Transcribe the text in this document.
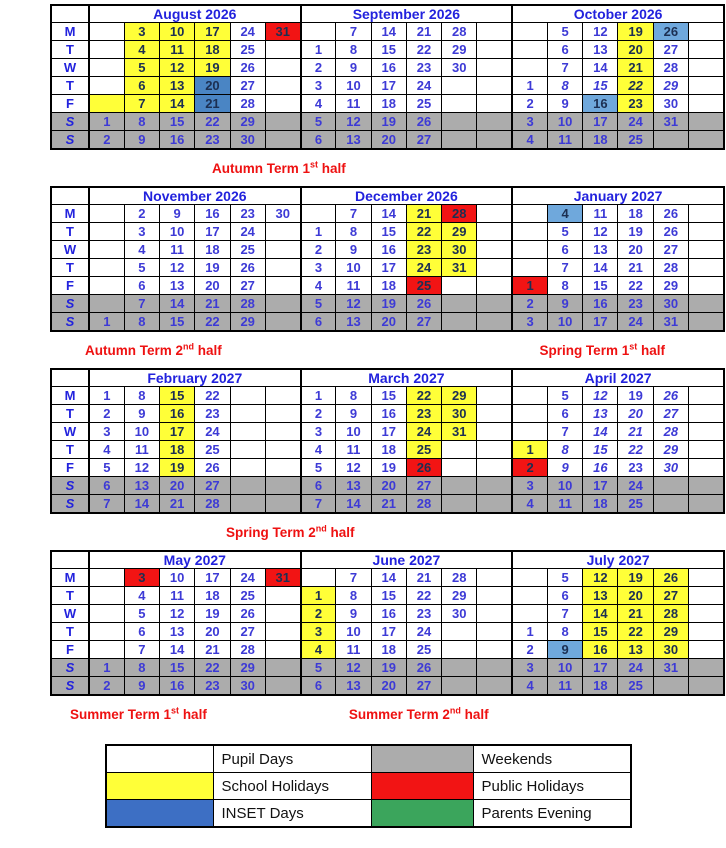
	August 2026						September 2026						October 2026					
M		3	10	17	24	31		7	14	21	28			5	12	19	26	
T		4	11	18	25		1	8	15	22	29			6	13	20	27	
W		5	12	19	26		2	9	16	23	30			7	14	21	28	
T		6	13	20	27		3	10	17	24			1	8	15	22	29	
F		7	14	21	28		4	11	18	25			2	9	16	23	30	
S	1	8	15	22	29		5	12	19	26			3	10	17	24	31	
S	2	9	16	23	30		6	13	20	27			4	11	18	25		
Autumn Term 1st half
	November 2026						December 2026						January 2027					
M		2	9	16	23	30		7	14	21	28			4	11	18	26	
T		3	10	17	24		1	8	15	22	29			5	12	19	26	
W		4	11	18	25		2	9	16	23	30			6	13	20	27	
T		5	12	19	26		3	10	17	24	31			7	14	21	28	
F		6	13	20	27		4	11	18	25			1	8	15	22	29	
S		7	14	21	28		5	12	19	26			2	9	16	23	30	
S	1	8	15	22	29		6	13	20	27			3	10	17	24	31	
Autumn Term 2nd half	Spring Term 1st half
	February 2027						March 2027						April 2027					
M	1	8	15	22			1	8	15	22	29			5	12	19	26	
T	2	9	16	23			2	9	16	23	30			6	13	20	27	
W	3	10	17	24			3	10	17	24	31			7	14	21	28	
T	4	11	18	25			4	11	18	25			1	8	15	22	29	
F	5	12	19	26			5	12	19	26			2	9	16	23	30	
S	6	13	20	27			6	13	20	27			3	10	17	24		
S	7	14	21	28			7	14	21	28			4	11	18	25		
Spring Term 2nd half
	May 2027						June 2027						July 2027					
M		3	10	17	24	31		7	14	21	28			5	12	19	26	
T		4	11	18	25		1	8	15	22	29			6	13	20	27	
W		5	12	19	26		2	9	16	23	30			7	14	21	28	
T		6	13	20	27		3	10	17	24			1	8	15	22	29	
F		7	14	21	28		4	11	18	25			2	9	16	13	30	
S	1	8	15	22	29		5	12	19	26			3	10	17	24	31	
S	2	9	16	23	30		6	13	20	27			4	11	18	25		
Summer Term 1st half	Summer Term 2nd half
	Pupil Days		Weekends
	School Holidays		Public Holidays
	INSET Days		Parents Evening
